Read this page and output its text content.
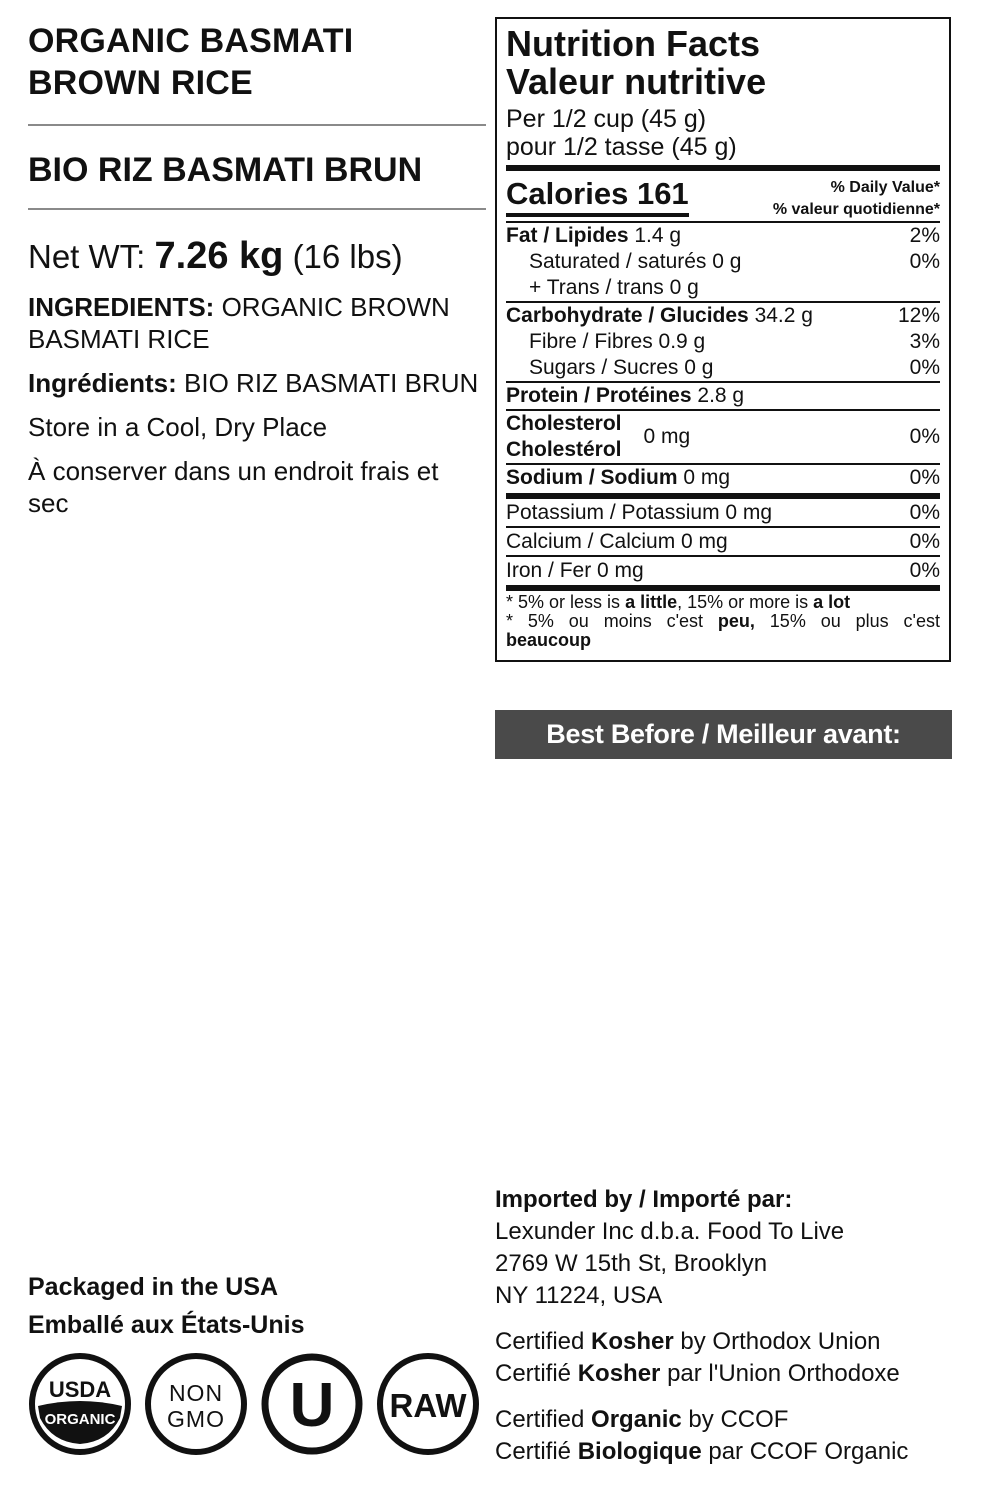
ORGANIC BASMATI
BROWN RICE
BIO RIZ BASMATI BRUN
Net WT: 7.26 kg (16 lbs)
INGREDIENTS: ORGANIC BROWN BASMATI RICE
Ingrédients: BIO RIZ BASMATI BRUN
Store in a Cool, Dry Place
À conserver dans un endroit frais et sec
Nutrition Facts
Valeur nutritive
Per 1/2 cup (45 g)
pour 1/2 tasse (45 g)
Calories 161	% Daily Value*
% valeur quotidienne*
Fat / Lipides 1.4 g	2%
Saturated / saturés 0 g	0%
+ Trans / trans 0 g
Carbohydrate / Glucides 34.2 g	12%
Fibre / Fibres 0.9 g	3%
Sugars / Sucres 0 g	0%
Protein / Protéines 2.8 g
Cholesterol
Cholestérol
0 mg	0%
Sodium / Sodium 0 mg	0%
Potassium / Potassium 0 mg	0%
Calcium / Calcium 0 mg	0%
Iron / Fer 0 mg	0%
* 5% or less is a little, 15% or more is a lot
* 5% ou moins c'est peu, 15% ou plus c'est
beaucoup
Best Before / Meilleur avant:
Packaged in the USA
Emballé aux États-Unis
USDA
ORGANIC
NON
GMO U RAW
Imported by / Importé par:
Lexunder Inc d.b.a. Food To Live
2769 W 15th St, Brooklyn
NY 11224, USA
Certified Kosher by Orthodox Union
Certifié Kosher par l'Union Orthodoxe
Certified Organic by CCOF
Certifié Biologique par CCOF Organic
